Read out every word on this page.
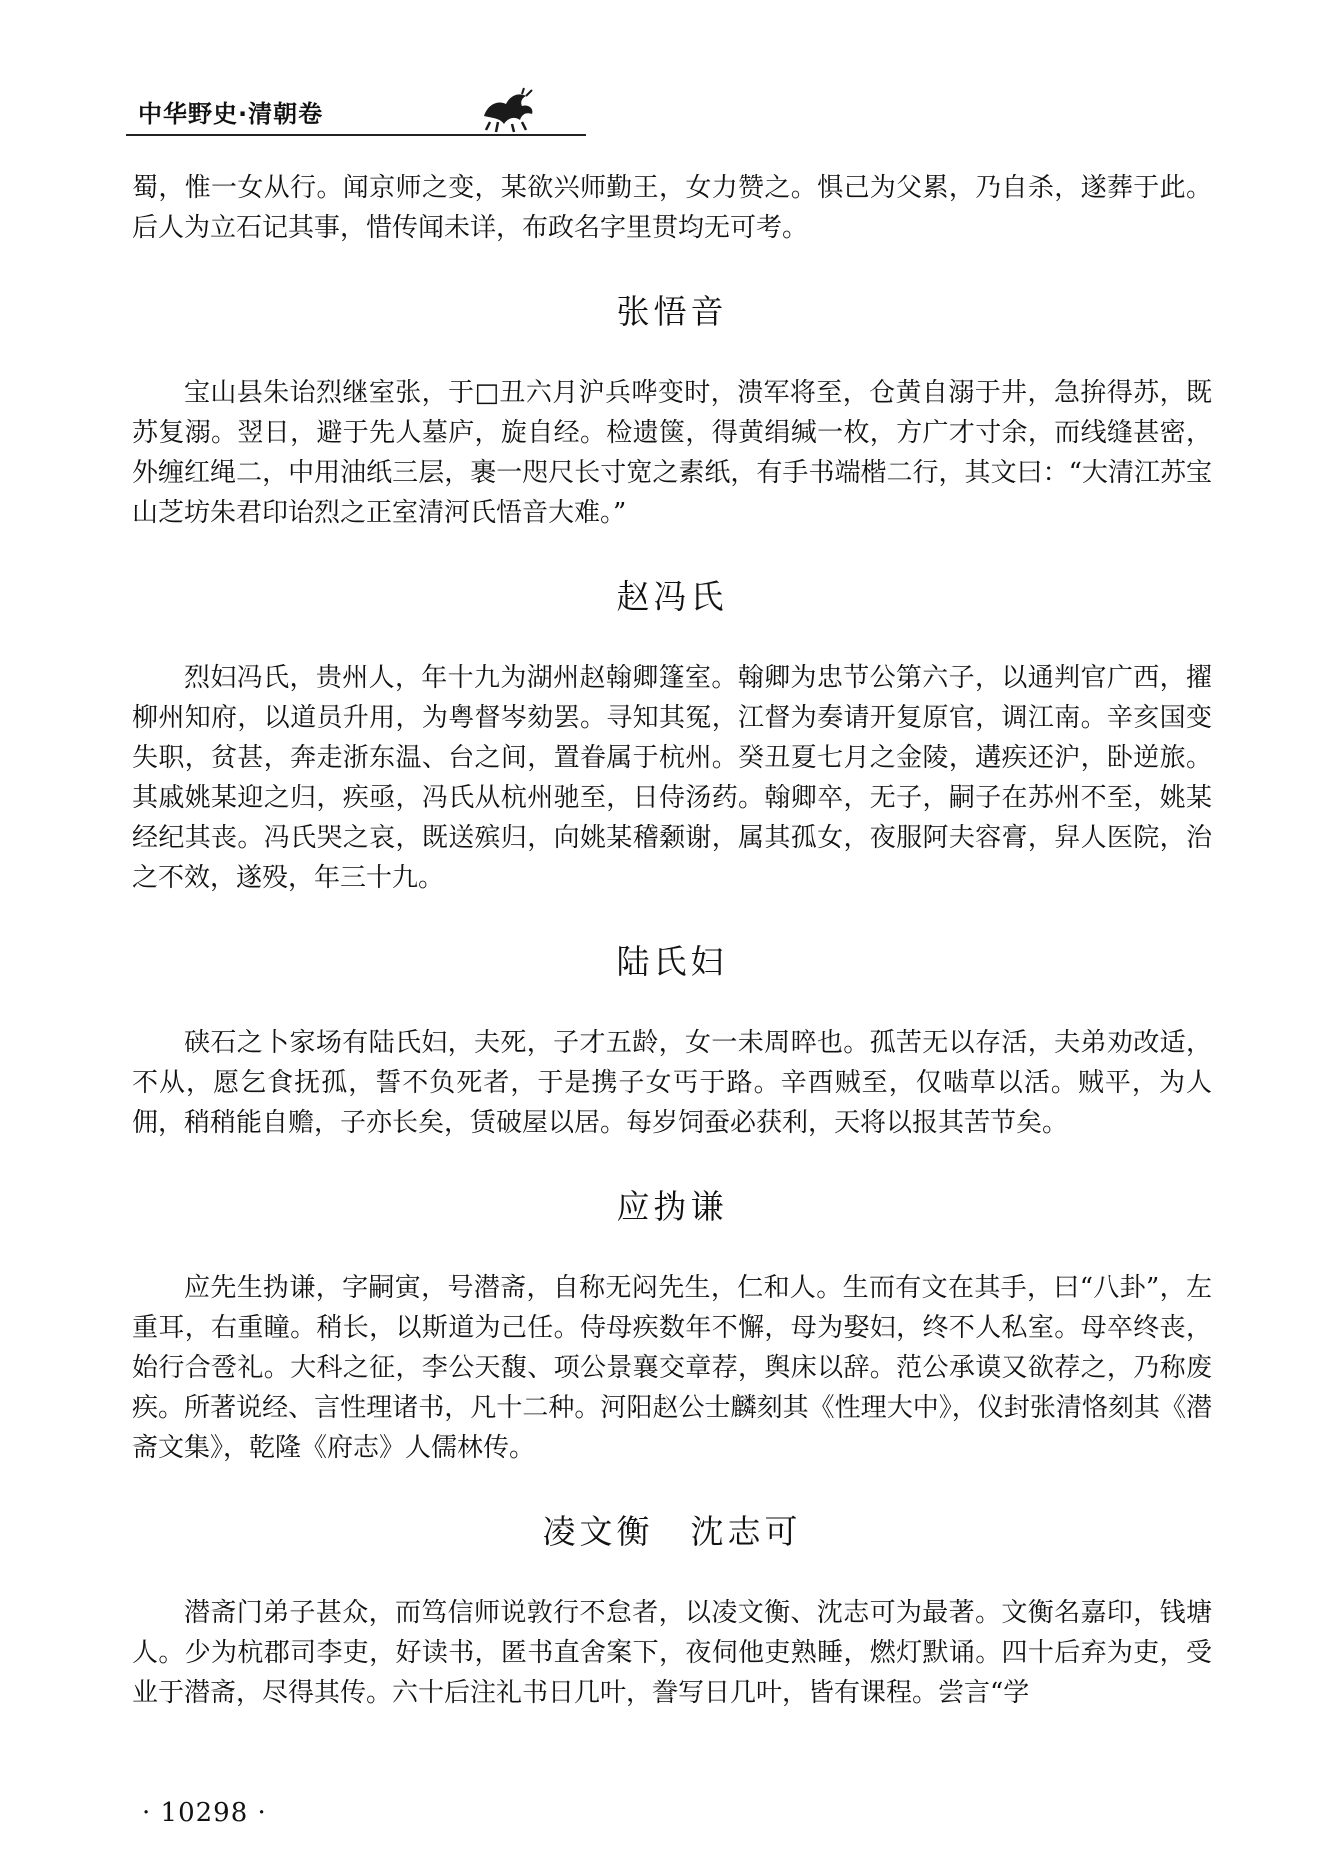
中华野史·清朝卷

蜀，惟一女从行。闻京师之变，某欲兴师勤王，女力赞之。惧己为父累，乃自杀，遂葬于此。后人为立石记其事，惜传闻未详，布政名字里贯均无可考。

张悟音

宝山县朱诒烈继室张，于□丑六月沪兵哗变时，溃军将至，仓黄自溺于井，急拚得苏，既苏复溺。翌日，避于先人墓庐，旋自经。检遗箧，得黄绢缄一枚，方广才寸余，而线缝甚密，外缠红绳二，中用油纸三层，裹一咫尺长寸宽之素纸，有手书端楷二行，其文曰：“大清江苏宝山芝坊朱君印诒烈之正室清河氏悟音大难。”

赵冯氏

烈妇冯氏，贵州人，年十九为湖州赵翰卿篷室。翰卿为忠节公第六子，以通判官广西，擢柳州知府，以道员升用，为粤督岑劾罢。寻知其冤，江督为奏请开复原官，调江南。辛亥国变失职，贫甚，奔走浙东温、台之间，置眷属于杭州。癸丑夏七月之金陵，遘疾还沪，卧逆旅。其戚姚某迎之归，疾亟，冯氏从杭州驰至，日侍汤药。翰卿卒，无子，嗣子在苏州不至，姚某经纪其丧。冯氏哭之哀，既送殡归，向姚某稽颡谢，属其孤女，夜服阿夫容膏，舁人医院，治之不效，遂殁，年三十九。

陆氏妇

硖石之卜家场有陆氏妇，夫死，子才五龄，女一未周晬也。孤苦无以存活，夫弟劝改适，不从，愿乞食抚孤，誓不负死者，于是携子女丐于路。辛酉贼至，仅啮草以活。贼平，为人佣，稍稍能自赡，子亦长矣，赁破屋以居。每岁饲蚕必获利，天将以报其苦节矣。

应㧑谦

应先生㧑谦，字嗣寅，号潜斋，自称无闷先生，仁和人。生而有文在其手，曰“八卦”，左重耳，右重瞳。稍长，以斯道为己任。侍母疾数年不懈，母为娶妇，终不人私室。母卒终丧，始行合卺礼。大科之征，李公天馥、项公景襄交章荐，舆床以辞。范公承谟又欲荐之，乃称废疾。所著说经、言性理诸书，凡十二种。河阳赵公士麟刻其《性理大中》，仪封张清恪刻其《潜斋文集》，乾隆《府志》人儒林传。

凌文衡　沈志可

潜斋门弟子甚众，而笃信师说敦行不怠者，以凌文衡、沈志可为最著。文衡名嘉印，钱塘人。少为杭郡司李吏，好读书，匿书直舍案下，夜伺他吏熟睡，燃灯默诵。四十后弃为吏，受业于潜斋，尽得其传。六十后注礼书日几叶，誊写日几叶，皆有课程。尝言“学

· 10298 ·
